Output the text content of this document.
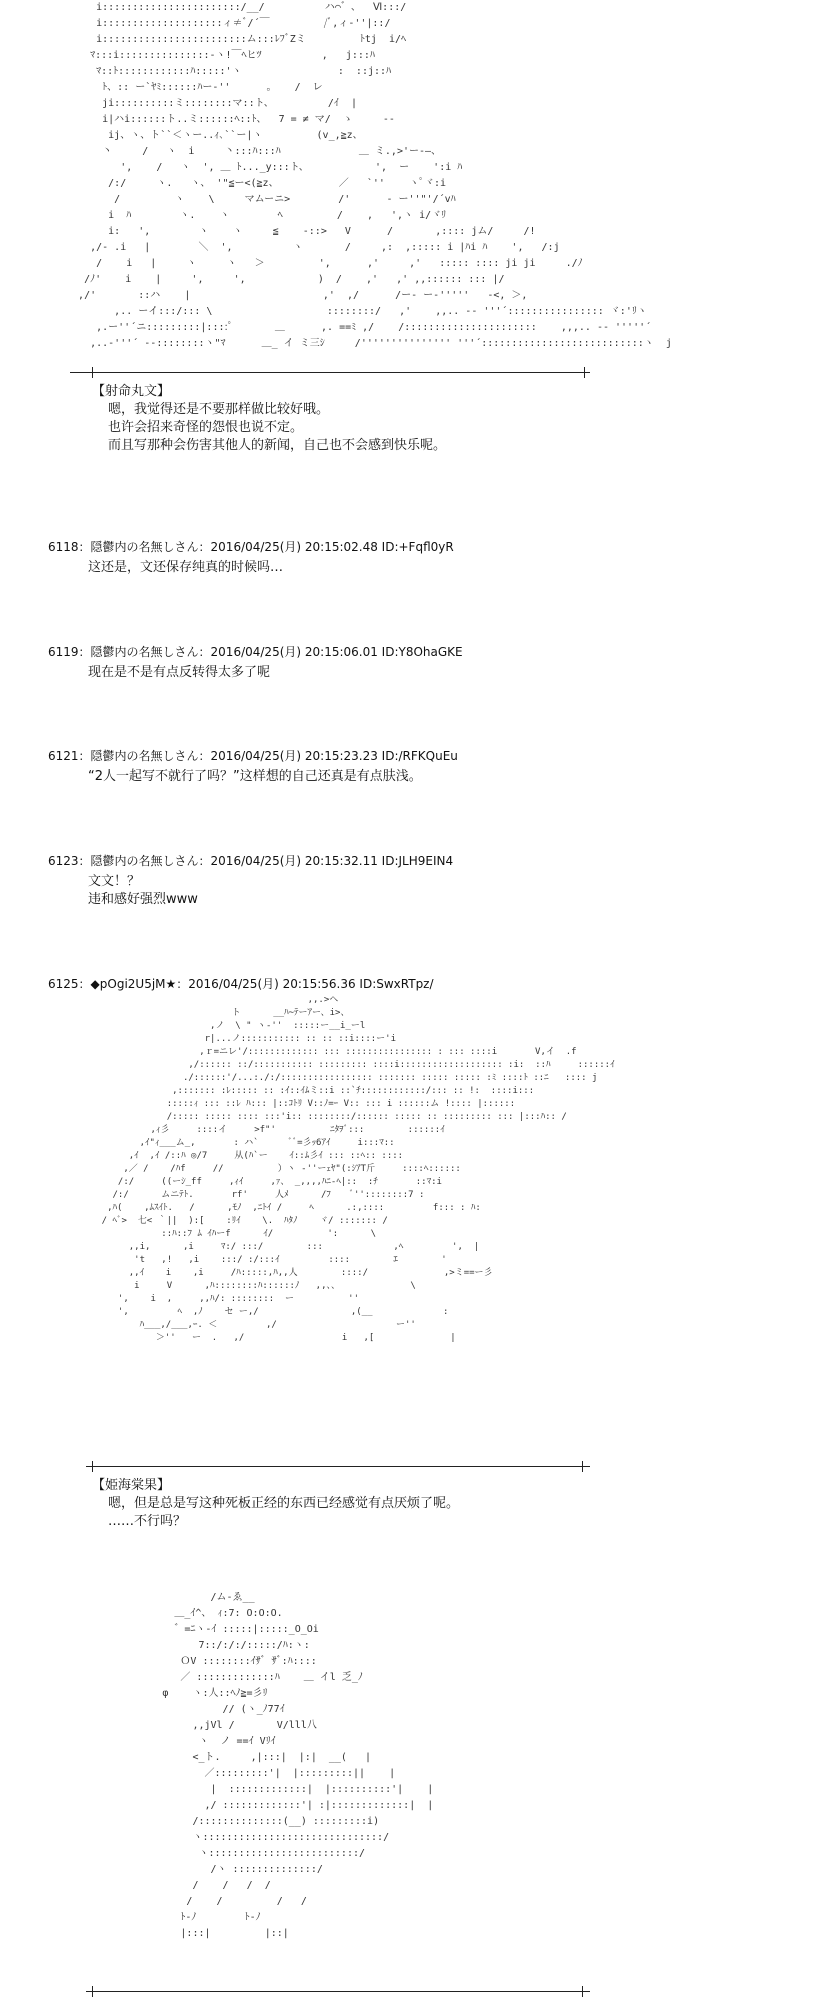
i:::::::::::::::::::::::/__/          ハ⌒゛、  Ⅵ:::/
i::::::::::::::::::::ィ≠ﾞ/´￣         /ﾞ,ィ-''|::/
i::::::::::::::::::::::::ム:::ﾚﾌﾞZミ         ﾄtj  i/ﾍ
ﾏ:::i:::::::::::::::-ヽ!￣ﾍヒﾂ          ,   j:::ﾊ
ﾏ::ﾄ::::::::::::ﾊ:::::'ヽ                :  ::j::ﾊ
ﾄ、:: ー`ﾔﾐ::::::ﾊー‐''      。   /  レ
ji::::::::::ミ::::::::マ::ト、         /ｲ  |
i|ハi::::::ト..ミ::::::ﾍ::ﾄ、  7 = ≠ マ/  ゝ     --
ij、ヽ、ト``＜ヽー..ｨ､``ー|ヽ         (v_,≧z、
丶     /   ヽ  i     丶:::ﾊ:::ﾊ             ＿ ミ.,>'ー-―、
',    /   ヽ  ', ＿ ﾄ..._y:::ト、           ',  ー    ':i ﾊ
/:/     ヽ.   ヽ、 '"≦ー<(≧z、          ／   `''    ヽﾟヾ:i
/         ヽ    \     マムーニ>        /'      - ー''"'/´vﾊ
i  ﾊ        ヽ.    ヽ        ﾍ         /    ,   ',ヽ i/ヾﾘ
i:   ',        ヽ    ヽ     ≦    -::>   V      /       ,:::: jム/     /!
,/- .i   |        ＼  ',          ヽ       /     ,:  ,::::: i |ﾊi ﾊ    ',   /:j
/    i   |     ヽ     ヽ   ＞         ',      ,'     ,'   ::::: :::: ji ji     ./ﾉ
/ﾉ'    i    |     ',     ',            )  /    ,'   ,' ,,:::::: ::: |/
,/'       ::ハ    |                      ,'  ,/      /ー- ー‐'''''   -<, ＞,
,.. ーイ:::/::: \                   ::::::::/   ,'    ,,.. ‐- '''´:::::::::::::::: ヾ:'ﾘヽ
,.ー''´ニ:::::::::|::::ﾟ       ＿      ,. ==ﾐ ,/    /::::::::::::::::::::::    ,,,.. -- '''''´
,..-'''´ --::::::::ヽ"ﾏ      ＿_ イ ミ三ｼ     /''''''''''''''' '''´:::::::::::::::::::::::::::ヽ  j
【射命丸文】
嗯，我觉得还是不要那样做比较好哦。
也许会招来奇怪的怨恨也说不定。
而且写那种会伤害其他人的新闻，自己也不会感到快乐呢。
6118：隠鬱内の名無しさん：2016/04/25(月) 20:15:02.48 ID:+Fqfl0yR
这还是，文还保存纯真的时候吗…
6119：隠鬱内の名無しさん：2016/04/25(月) 20:15:06.01 ID:Y8OhaGKE
现在是不是有点反转得太多了呢
6121：隠鬱内の名無しさん：2016/04/25(月) 20:15:23.23 ID:/RFKQuEu
“2人一起写不就行了吗？”这样想的自己还真是有点肤浅。
6123：隠鬱内の名無しさん：2016/04/25(月) 20:15:32.11 ID:JLH9EIN4
文文！？
违和感好强烈www
6125：◆pOgi2U5jM★：2016/04/25(月) 20:15:56.36 ID:SwxRTpz/
,,.>ヘ
ト      __ﾊ~ﾃーｱー、i>、
,ノ  \ " ヽ-''  :::::ー__i_ーl
r|...ノ::::::::::: :: :: ::i::::ー'i
,ｒ=ニレ'/::::::::::::: ::: :::::::::::::::: : ::: ::::i       V,イ  .f
,/:::::: ::/::::::::::: ::::::::: ::::i::::::::::::::::::: :i:  ::ﾊ     ::::::ｲ
./::::::'/...:./:/::::::::::::::::: ::::::: ::::: ::::: :ﾐ ::::ﾄ ::ﾆ   :::: j
,::::::: :ﾚ::::: :: :ｲ::ｲﾑミ::i ::`ﾁ::::::::::::/::: :: !:  ::::i:::
:::::ｨ ::: ::ﾚ ﾊ::: |::ｺﾄﾘ V::ﾉ=ｰ V:: ::: i ::::::ム !:::: |::::::
/::::: ::::: :::: :::'i:: ::::::::/:::::: ::::: :: ::::::::: ::: |:::ﾊ:: /
,ｨ彡     ::::イ     >f"'          ﾆﾀｦﾞ:::        ::::::ｲ
,ｲ"ｨ___ム_,       : ハ`      ﾞﾞ=彡ｯ6ｱｲ     i:::ﾏ::
,ｲ  ,ｲ /::ﾊ ◎/7     从(ﾊ`ー    ｲ::ﾑ彡ｲ ::: ::ﾍ:: ::::
,／ /    /ﾊf     //          ）ヽ ‐''ーｪﾔ"(:ｼｱT斤     ::::ﾍ::::::
/:/     ((ーｼ_ff     ,ｨｲ     ,ｧ、 _,,,,ﾊﾆ-ﾍ|::  :ﾁ       ::ﾏ:i
/:/      ムニﾃﾄ.       rf'     人ﾒ      /ﾌ    ﾞ''::::::::7 :
,ﾊ(    ,ﾑｽｲﾄ.   /      ,ﾓﾉ  ,ﾆﾄｲ /     ﾍ      .:,::::         f::: : ﾊ:
/ ﾍﾞ>  七< ｀||  ):[    :ﾘｲ    \.  ﾊﾀﾉ    ヾ/ ::::::: /
::ﾊ::ﾌ ﾑ ｲﾊーf      ｲ/          ':      \
,,i,      ,i     ﾏ:/ :::/        :::             ,ﾍ         ',  |
't   ,!   ,i    :::/ :/:::ｲ         ::::        ｴ        '
,,ｲ    i    ,i     /ﾊ:::::,ﾊ,,人        ::::/              ,>ミ==ー彡
i     V      ,ﾊ::::::::ﾊ::::::ﾉ   ,,、、             \
',    i  ,     ,,ﾊ/: ::::::::  ー          ''
',         ﾍ  ,ﾉ    セ ー,/                 ,(__             :
ﾊ___,/___,ｰ. ＜         ,/                      ー''
＞''   ー  .   ,/                  i   ,[              |
【姫海棠果】
嗯，但是总是写这种死板正经的东西已经感觉有点厌烦了呢。
……不行吗？
/ム-ゑ__
＿_ｲ^、 ｨ:7: O:O:O.
゛=ﾆヽ-ｲ :::::|:::::_O_Oi
7::/:/:/:::::/ﾊ:ヽ:
ＯV ::::::::ｲｻﾞ ｻﾞ:ﾊ::::
／ :::::::::::::ﾊ    ＿ イl 乏_ﾉ
φ    ヽ:人::ﾍﾉ≧=彡ﾘ
// (ヽ_ﾉ77ｲ
,,jVl /       V/lll八
ヽ  ノ ==ｲ Vﾘｲ
<_ト.     ,|:::|  |:|  __(   |
／:::::::::'|  |:::::::::||    |
|  :::::::::::::|  |::::::::::'|    |
,/ :::::::::::::'| :|:::::::::::::|  |
/::::::::::::::(__) :::::::::i)
ヽ::::::::::::::::::::::::::::::/
ヽ:::::::::::::::::::::::::/
/ヽ ::::::::::::::/
/    /   /  /
/    /         /   /
ﾄ-ﾉ        ﾄ-ﾉ
|:::|         |::|
